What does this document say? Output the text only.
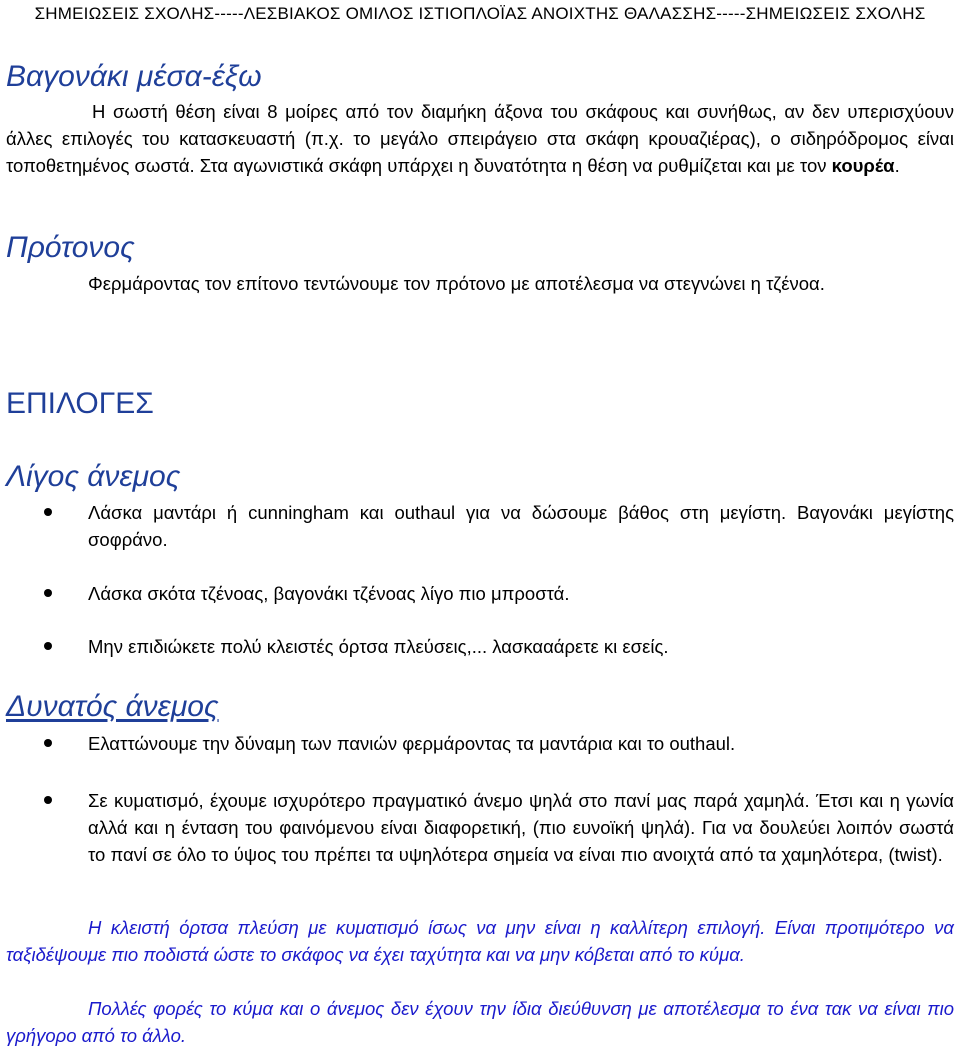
ΣΗΜΕΙΩΣΕΙΣ ΣΧΟΛΗΣ-----ΛΕΣΒΙΑΚΟΣ ΟΜΙΛΟΣ ΙΣΤΙΟΠΛΟΪΑΣ ΑΝΟΙΧΤΗΣ ΘΑΛΑΣΣΗΣ-----ΣΗΜΕΙΩΣΕΙΣ ΣΧΟΛΗΣ
Βαγονάκι μέσα-έξω

Η σωστή θέση είναι 8 μοίρες από τον διαμήκη άξονα του σκάφους και συνήθως, αν δεν υπερισχύουν άλλες επιλογές του κατασκευαστή (π.χ. το μεγάλο σπειράγειο στα σκάφη κρουαζιέρας), ο σιδηρόδρομος είναι τοποθετημένος σωστά. Στα αγωνιστικά σκάφη υπάρχει η δυνατότητα η θέση να ρυθμίζεται και με τον κουρέα.

Πρότονος

Φερμάροντας τον επίτονο τεντώνουμε τον πρότονο με αποτέλεσμα να στεγνώνει η τζένοα.

ΕΠΙΛΟΓΕΣ
Λίγος άνεμος

Λάσκα μαντάρι ή cunningham και outhaul για να δώσουμε βάθος στη μεγίστη. Βαγονάκι μεγίστης σοφράνο.

Λάσκα σκότα τζένοας, βαγονάκι τζένοας λίγο πιο μπροστά.

Μην επιδιώκετε πολύ κλειστές όρτσα πλεύσεις,... λασκααάρετε κι εσείς.

Δυνατός άνεμος

Ελαττώνουμε την δύναμη των πανιών φερμάροντας τα μαντάρια και το outhaul.

Σε κυματισμό, έχουμε ισχυρότερο πραγματικό άνεμο ψηλά στο πανί μας παρά χαμηλά. Έτσι και η γωνία αλλά και η ένταση του φαινόμενου είναι διαφορετική, (πιο ευνοϊκή ψηλά). Για να δουλεύει λοιπόν σωστά το πανί σε όλο το ύψος του πρέπει τα υψηλότερα σημεία να είναι πιο ανοιχτά από τα χαμηλότερα, (twist).

Η κλειστή όρτσα πλεύση με κυματισμό ίσως να μην είναι η καλλίτερη επιλογή. Είναι προτιμότερο να ταξιδέψουμε πιο ποδιστά ώστε το σκάφος να έχει ταχύτητα και να μην κόβεται από το κύμα.

Πολλές φορές το κύμα και ο άνεμος δεν έχουν την ίδια διεύθυνση με αποτέλεσμα το ένα τακ να είναι πιο γρήγορο από το άλλο.
